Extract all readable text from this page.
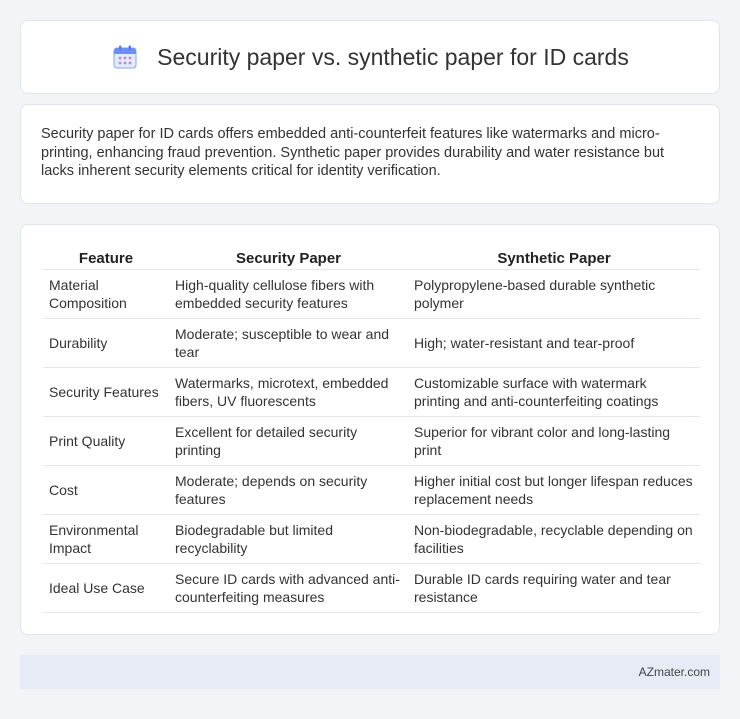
Security paper vs. synthetic paper for ID cards

Security paper for ID cards offers embedded anti-counterfeit features like watermarks and micro-printing, enhancing fraud prevention. Synthetic paper provides durability and water resistance but lacks inherent security elements critical for identity verification.

Feature	Security Paper	Synthetic Paper
Material Composition	High-quality cellulose fibers with embedded security features	Polypropylene-based durable synthetic polymer
Durability	Moderate; susceptible to wear and tear	High; water-resistant and tear-proof
Security Features	Watermarks, microtext, embedded fibers, UV fluorescents	Customizable surface with watermark printing and anti-counterfeiting coatings
Print Quality	Excellent for detailed security printing	Superior for vibrant color and long-lasting print
Cost	Moderate; depends on security features	Higher initial cost but longer lifespan reduces replacement needs
Environmental Impact	Biodegradable but limited recyclability	Non-biodegradable, recyclable depending on facilities
Ideal Use Case	Secure ID cards with advanced anti-counterfeiting measures	Durable ID cards requiring water and tear resistance
AZmater.com
